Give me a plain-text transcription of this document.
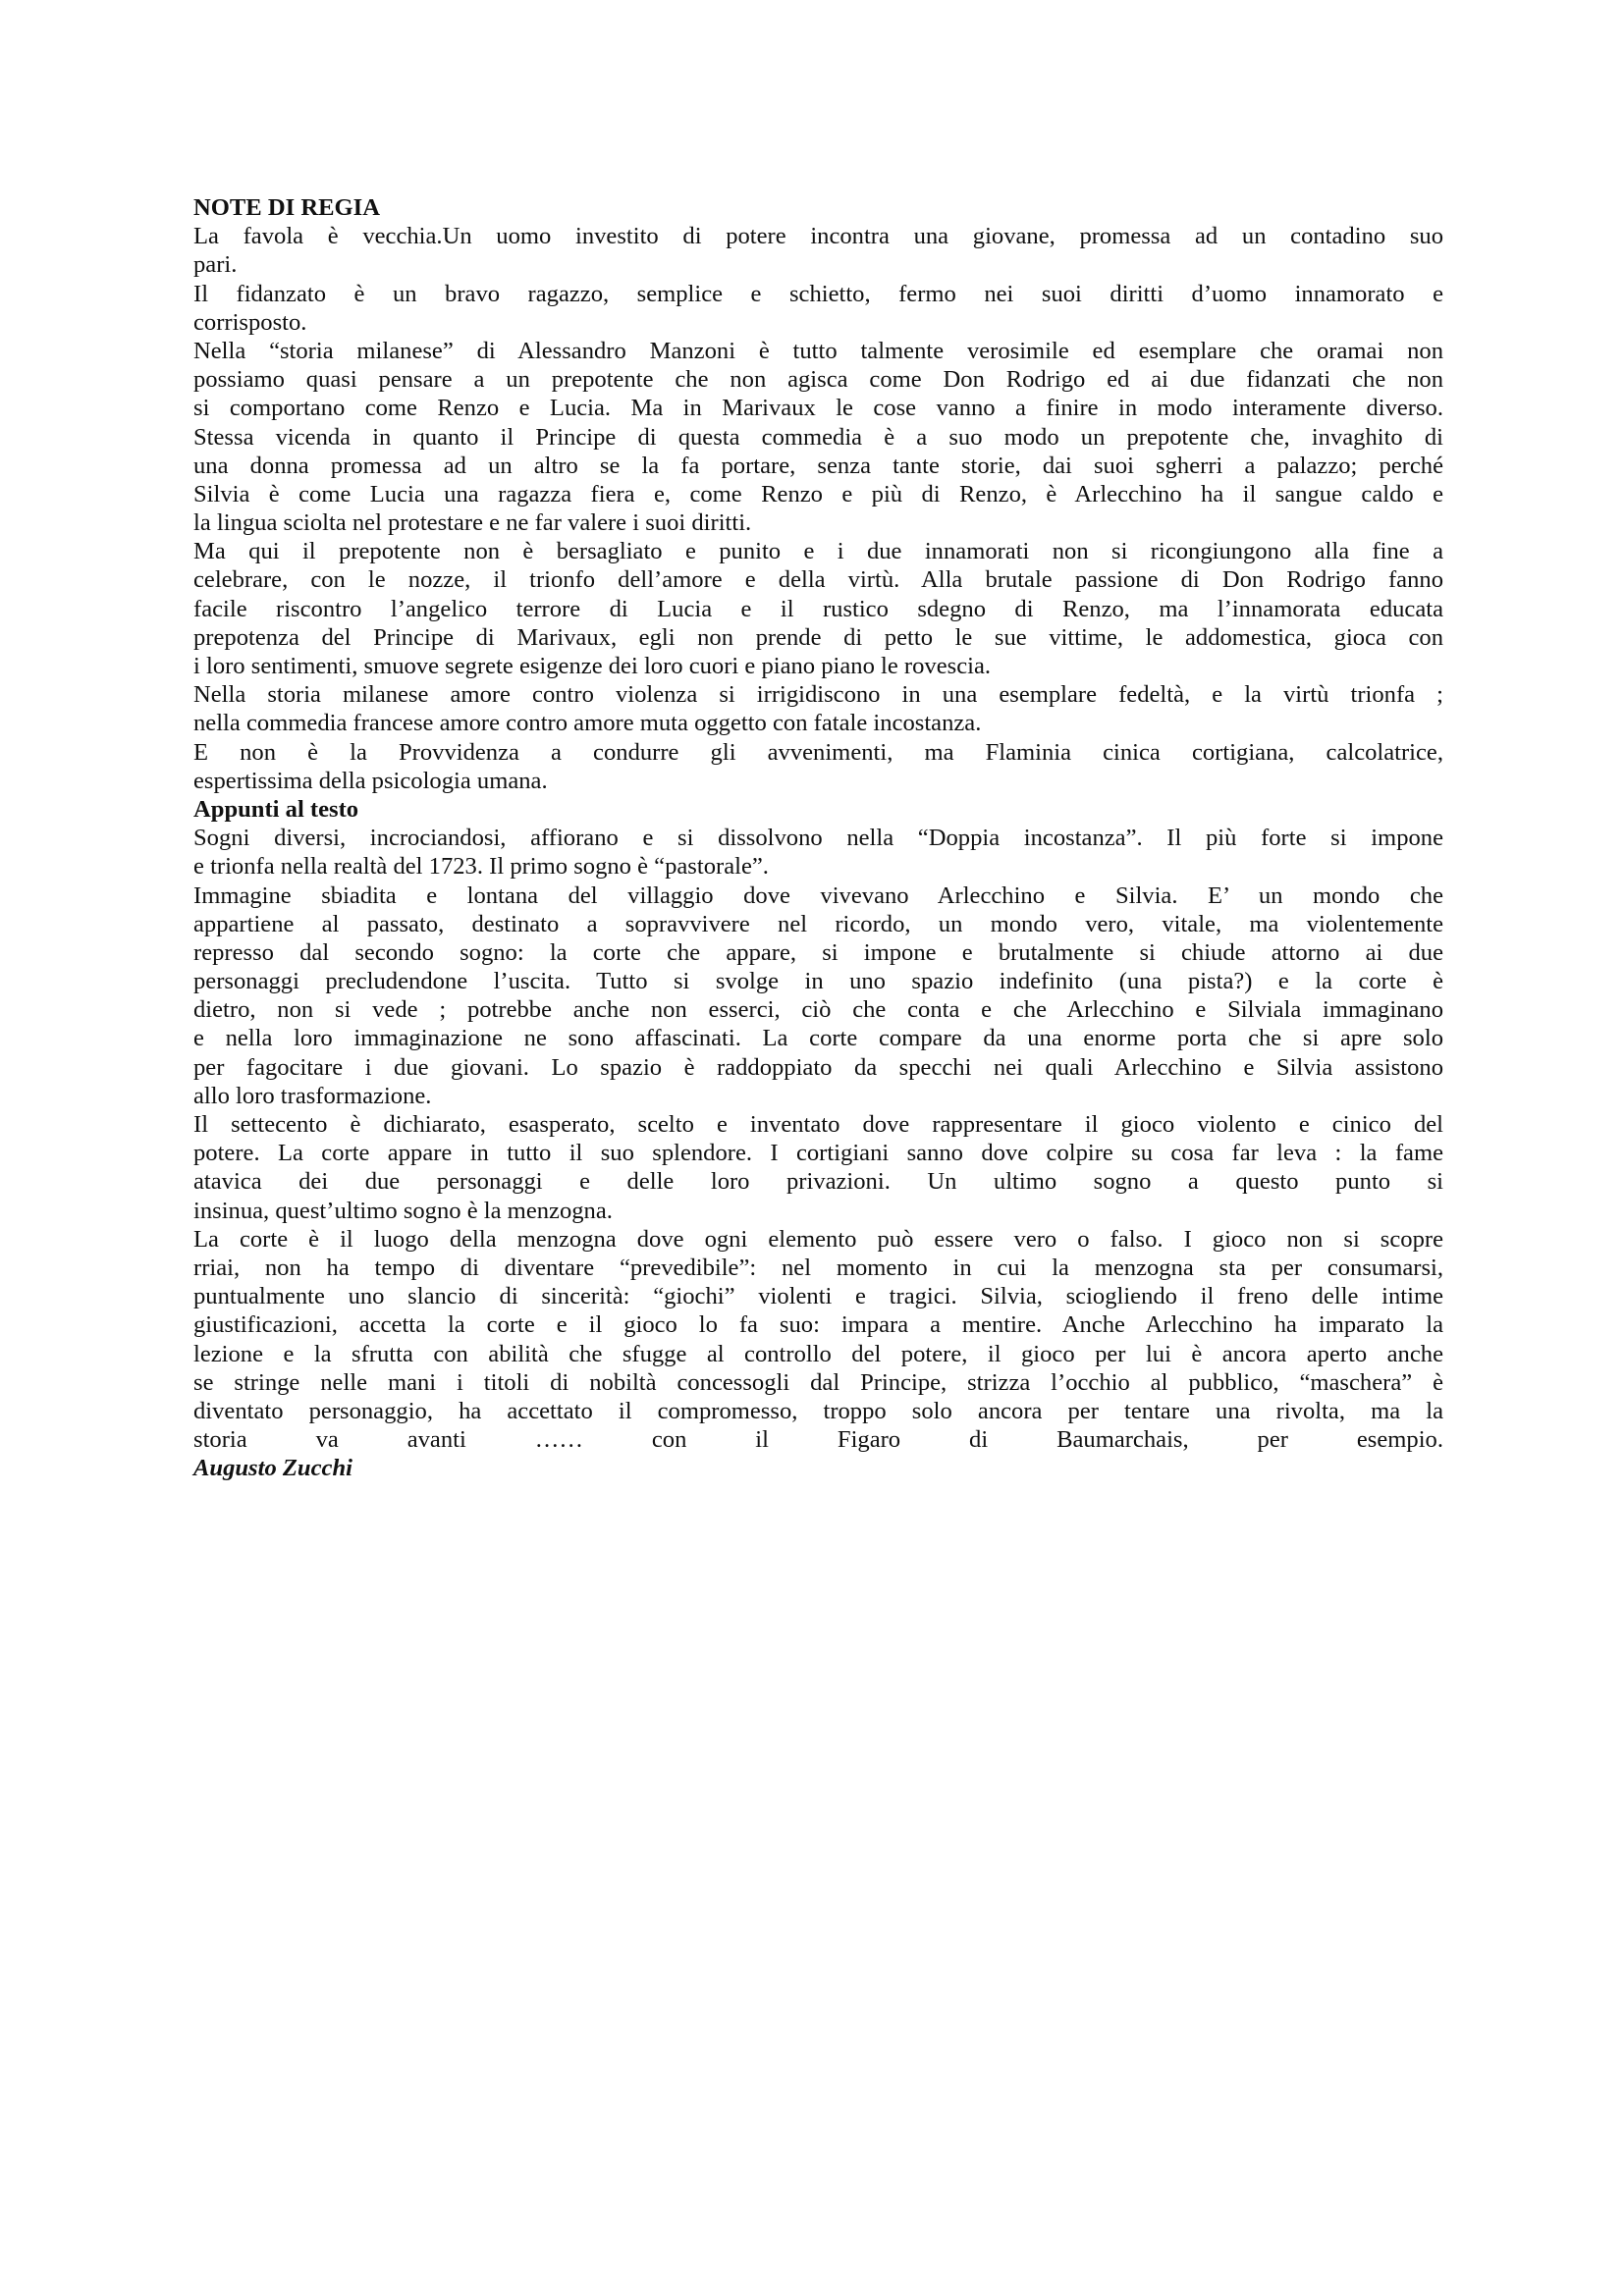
NOTE DI REGIA
La favola è vecchia.Un uomo investito di potere incontra una giovane, promessa ad un contadino suo
pari.
Il fidanzato è un bravo ragazzo, semplice e schietto, fermo nei suoi diritti d’uomo innamorato e
corrisposto.
Nella “storia milanese” di Alessandro Manzoni è tutto talmente verosimile ed esemplare che oramai non
possiamo quasi pensare a un prepotente che non agisca come Don Rodrigo ed ai due fidanzati che non
si comportano come Renzo e Lucia. Ma in Marivaux le cose vanno a finire in modo interamente diverso.
Stessa vicenda in quanto il Principe di questa commedia è a suo modo un prepotente che, invaghito di
una donna promessa ad un altro se la fa portare, senza tante storie, dai suoi sgherri a palazzo; perché
Silvia è come Lucia una ragazza fiera e, come Renzo e più di Renzo, è Arlecchino ha il sangue caldo e
la lingua sciolta nel protestare e ne far valere i suoi diritti.
Ma qui il prepotente non è bersagliato e punito e i due innamorati non si ricongiungono alla fine a
celebrare, con le nozze, il trionfo dell’amore e della virtù. Alla brutale passione di Don Rodrigo fanno
facile riscontro l’angelico terrore di Lucia e il rustico sdegno di Renzo, ma l’innamorata educata
prepotenza del Principe di Marivaux, egli non prende di petto le sue vittime, le addomestica, gioca con
i loro sentimenti, smuove segrete esigenze dei loro cuori e piano piano le rovescia.
Nella storia milanese amore contro violenza si irrigidiscono in una esemplare fedeltà, e la virtù trionfa ;
nella commedia francese amore contro amore muta oggetto con fatale incostanza.
E non è la Provvidenza a condurre gli avvenimenti, ma Flaminia cinica cortigiana, calcolatrice,
espertissima della psicologia umana.
Appunti al testo
Sogni diversi, incrociandosi, affiorano e si dissolvono nella “Doppia incostanza”. Il più forte si impone
e trionfa nella realtà del 1723. Il primo sogno è “pastorale”.
Immagine sbiadita e lontana del villaggio dove vivevano Arlecchino e Silvia. E’ un mondo che
appartiene al passato, destinato a sopravvivere nel ricordo, un mondo vero, vitale, ma violentemente
represso dal secondo sogno: la corte che appare, si impone e brutalmente si chiude attorno ai due
personaggi precludendone l’uscita. Tutto si svolge in uno spazio indefinito (una pista?) e la corte è
dietro, non si vede ; potrebbe anche non esserci, ciò che conta e che Arlecchino e Silviala immaginano
e nella loro immaginazione ne sono affascinati. La corte compare da una enorme porta che si apre solo
per fagocitare i due giovani. Lo spazio è raddoppiato da specchi nei quali Arlecchino e Silvia assistono
allo loro trasformazione.
Il settecento è dichiarato, esasperato, scelto e inventato dove rappresentare il gioco violento e cinico del
potere. La corte appare in tutto il suo splendore. I cortigiani sanno dove colpire su cosa far leva : la fame
atavica dei due personaggi e delle loro privazioni. Un ultimo sogno a questo punto si
insinua, quest’ultimo sogno è la menzogna.
La corte è il luogo della menzogna dove ogni elemento può essere vero o falso. I gioco non si scopre
rriai, non ha tempo di diventare “prevedibile”: nel momento in cui la menzogna sta per consumarsi,
puntualmente uno slancio di sincerità: “giochi” violenti e tragici. Silvia, sciogliendo il freno delle intime
giustificazioni, accetta la corte e il gioco lo fa suo: impara a mentire. Anche Arlecchino ha imparato la
lezione e la sfrutta con abilità che sfugge al controllo del potere, il gioco per lui è ancora aperto anche
se stringe nelle mani i titoli di nobiltà concessogli dal Principe, strizza l’occhio al pubblico, “maschera” è
diventato personaggio, ha accettato il compromesso, troppo solo ancora per tentare una rivolta, ma la
storia va avanti …… con il Figaro di Baumarchais, per esempio.
Augusto Zucchi
